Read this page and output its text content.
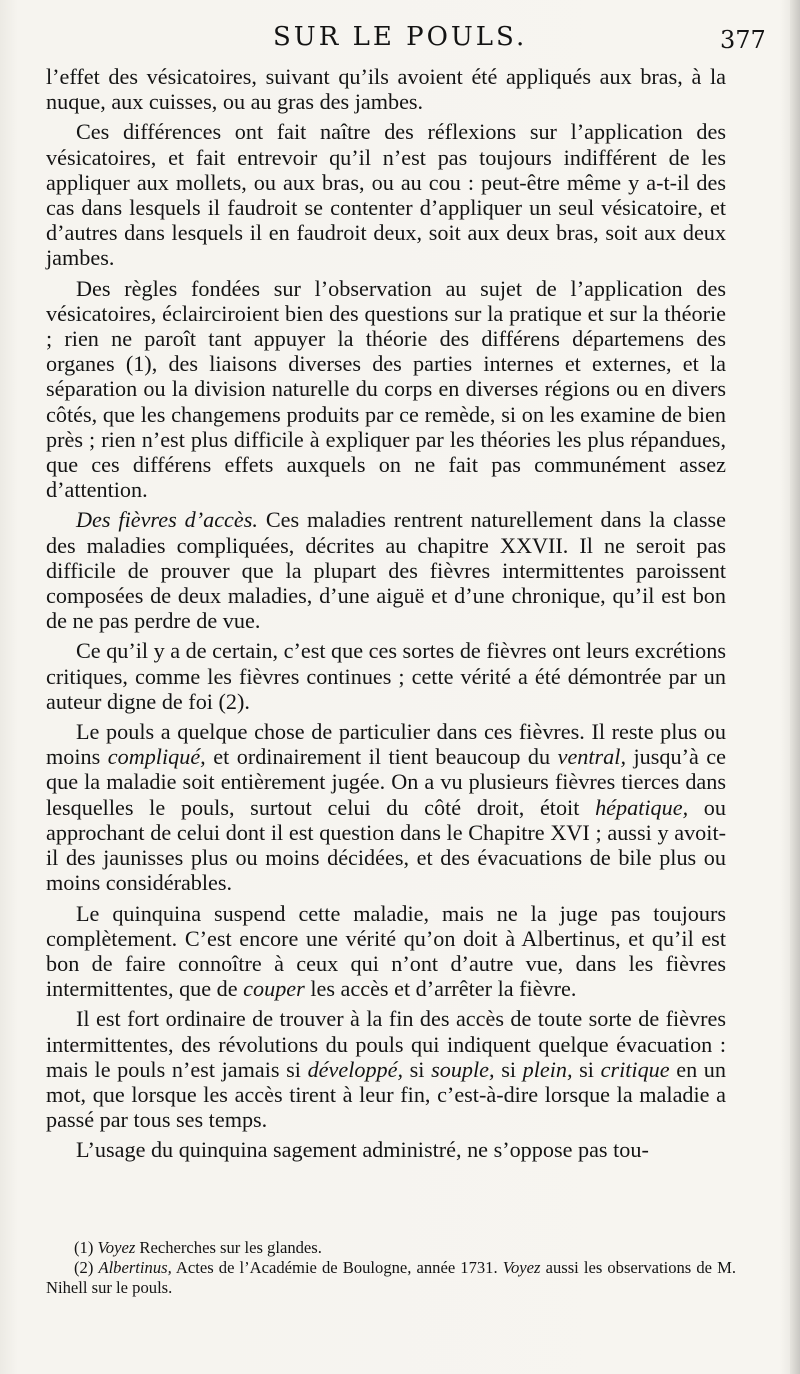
SUR LE POULS.	377

l’effet des vésicatoires, suivant qu’ils avoient été appliqués aux bras, à la nuque, aux cuisses, ou au gras des jambes.

Ces différences ont fait naître des réflexions sur l’application des vésicatoires, et fait entrevoir qu’il n’est pas toujours indifférent de les appliquer aux mollets, ou aux bras, ou au cou : peut-être même y a-t-il des cas dans lesquels il faudroit se contenter d’appliquer un seul vésicatoire, et d’autres dans lesquels il en faudroit deux, soit aux deux bras, soit aux deux jambes.

Des règles fondées sur l’observation au sujet de l’application des vésicatoires, éclairciroient bien des questions sur la pratique et sur la théorie ; rien ne paroît tant appuyer la théorie des différens départemens des organes (1), des liaisons diverses des parties internes et externes, et la séparation ou la division naturelle du corps en diverses régions ou en divers côtés, que les changemens produits par ce remède, si on les examine de bien près ; rien n’est plus difficile à expliquer par les théories les plus répandues, que ces différens effets auxquels on ne fait pas communément assez d’attention.

Des fièvres d’accès. Ces maladies rentrent naturellement dans la classe des maladies compliquées, décrites au chapitre XXVII. Il ne seroit pas difficile de prouver que la plupart des fièvres intermittentes paroissent composées de deux maladies, d’une aiguë et d’une chronique, qu’il est bon de ne pas perdre de vue.

Ce qu’il y a de certain, c’est que ces sortes de fièvres ont leurs excrétions critiques, comme les fièvres continues ; cette vérité a été démontrée par un auteur digne de foi (2).

Le pouls a quelque chose de particulier dans ces fièvres. Il reste plus ou moins compliqué, et ordinairement il tient beaucoup du ventral, jusqu’à ce que la maladie soit entièrement jugée. On a vu plusieurs fièvres tierces dans lesquelles le pouls, surtout celui du côté droit, étoit hépatique, ou approchant de celui dont il est question dans le Chapitre XVI ; aussi y avoit-il des jaunisses plus ou moins décidées, et des évacuations de bile plus ou moins considérables.

Le quinquina suspend cette maladie, mais ne la juge pas toujours complètement. C’est encore une vérité qu’on doit à Albertinus, et qu’il est bon de faire connoître à ceux qui n’ont d’autre vue, dans les fièvres intermittentes, que de couper les accès et d’arrêter la fièvre.

Il est fort ordinaire de trouver à la fin des accès de toute sorte de fièvres intermittentes, des révolutions du pouls qui indiquent quelque évacuation : mais le pouls n’est jamais si développé, si souple, si plein, si critique en un mot, que lorsque les accès tirent à leur fin, c’est-à-dire lorsque la maladie a passé par tous ses temps.

L’usage du quinquina sagement administré, ne s’oppose pas tou-

(1) Voyez Recherches sur les glandes.

(2) Albertinus, Actes de l’Académie de Boulogne, année 1731. Voyez aussi les observations de M. Nihell sur le pouls.
